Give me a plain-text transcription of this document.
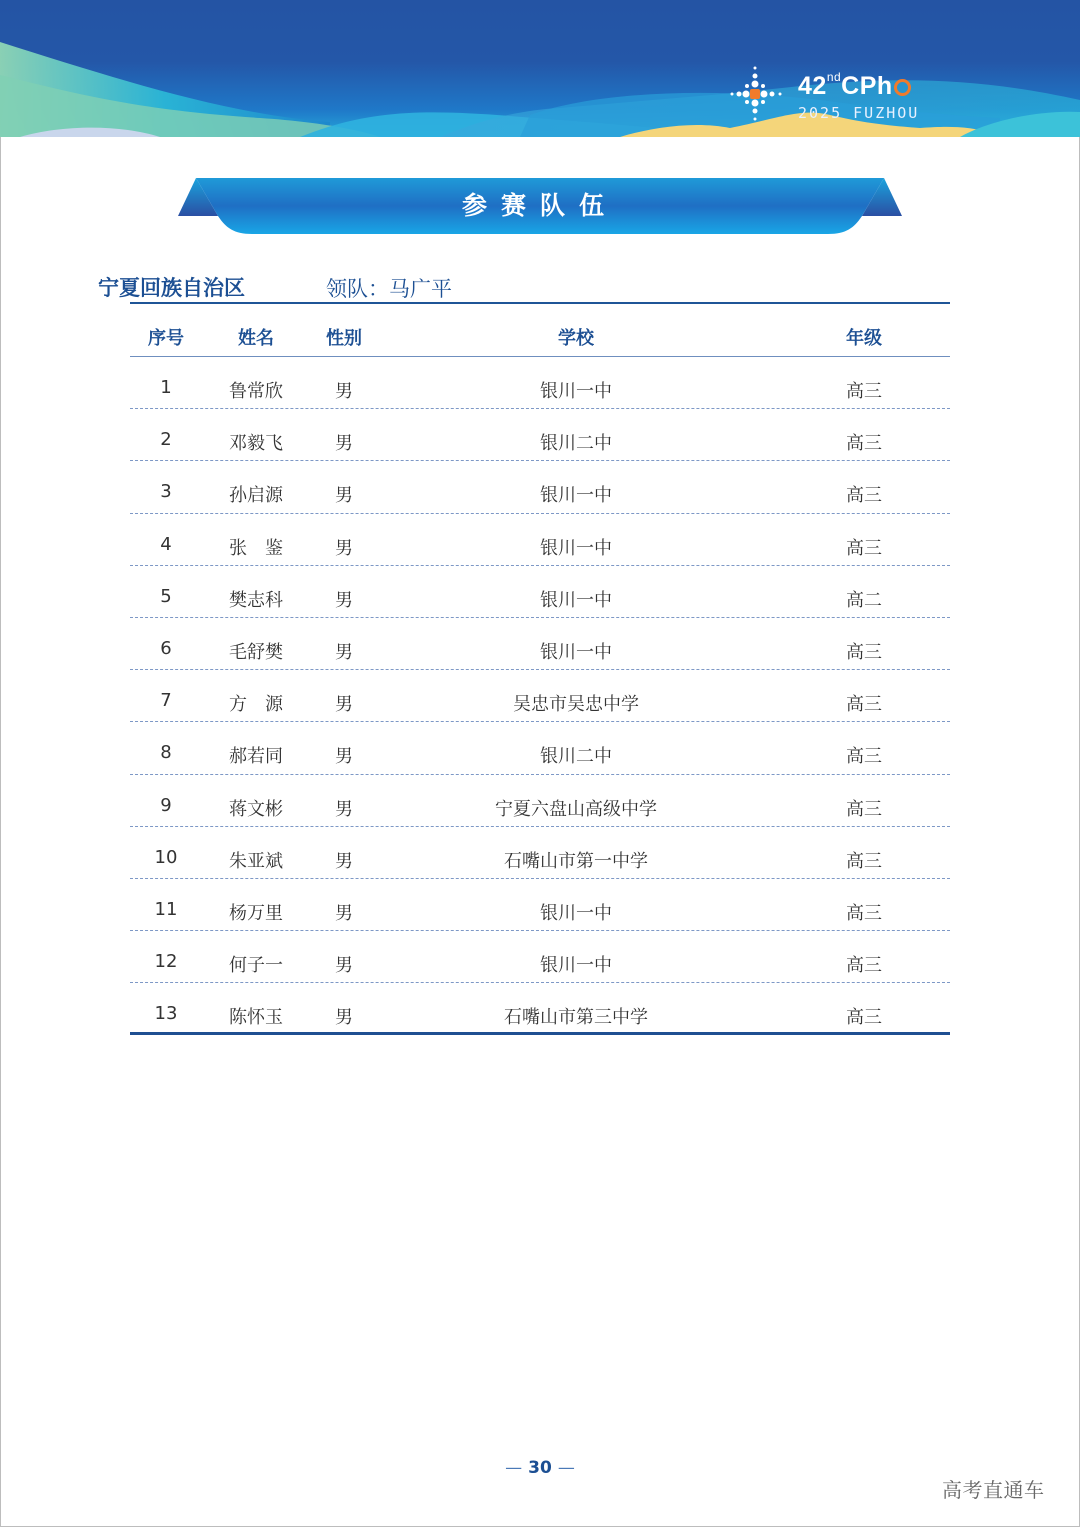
42ndCPh
2025 FUZHOU
参赛队伍
宁夏回族自治区	领队：马广平
序号	姓名	性别	学校	年级
1	鲁常欣	男	银川一中	高三
2	邓毅飞	男	银川二中	高三
3	孙启源	男	银川一中	高三
4	张　鉴	男	银川一中	高三
5	樊志科	男	银川一中	高二
6	毛舒樊	男	银川一中	高三
7	方　源	男	吴忠市吴忠中学	高三
8	郝若同	男	银川二中	高三
9	蒋文彬	男	宁夏六盘山高级中学	高三
10	朱亚斌	男	石嘴山市第一中学	高三
11	杨万里	男	银川一中	高三
12	何子一	男	银川一中	高三
13	陈怀玉	男	石嘴山市第三中学	高三
— 30 —
高考直通车
